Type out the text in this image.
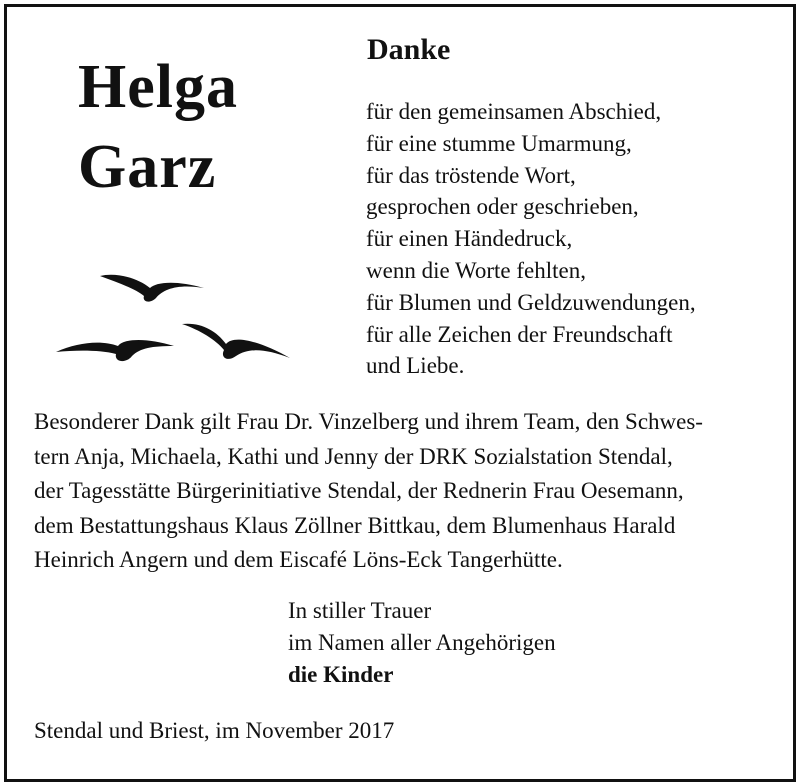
Helga
Garz
Danke
für den gemeinsamen Abschied,
für eine stumme Umarmung,
für das tröstende Wort,
gesprochen oder geschrieben,
für einen Händedruck,
wenn die Worte fehlten,
für Blumen und Geldzuwendungen,
für alle Zeichen der Freundschaft
und Liebe.

Besonderer Dank gilt Frau Dr. Vinzelberg und ihrem Team, den Schwes-
tern Anja, Michaela, Kathi und Jenny der DRK Sozialstation Stendal,
der Tagesstätte Bürgerinitiative Stendal, der Rednerin Frau Oesemann,
dem Bestattungshaus Klaus Zöllner Bittkau, dem Blumenhaus Harald
Heinrich Angern und dem Eiscafé Löns-Eck Tangerhütte.

In stiller Trauer
im Namen aller Angehörigen
die Kinder
Stendal und Briest, im November 2017
